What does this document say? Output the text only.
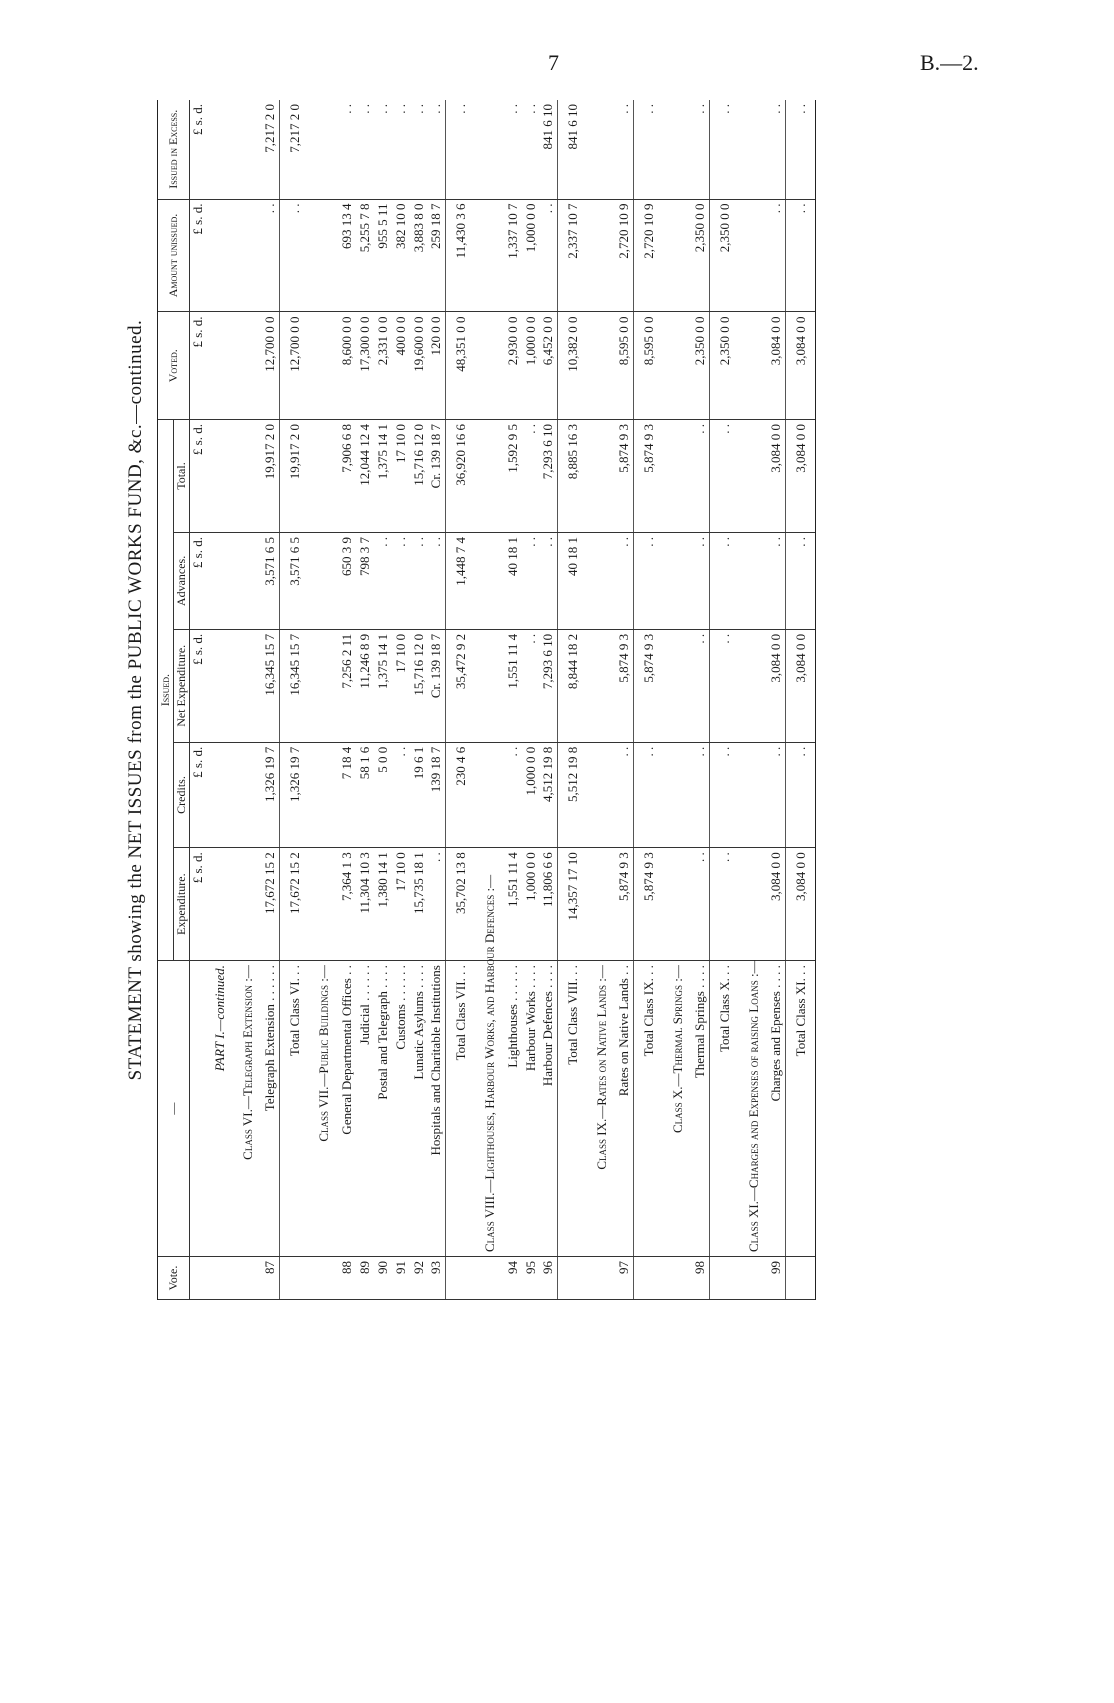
7	B.—2.
STATEMENT showing the NET ISSUES from the PUBLIC WORKS FUND, &c.—continued.
Vote.	—	Issued.					Voted.	Amount unissued.	Issued in Excess.
		Expenditure.	Credits.	Net Expenditure.	Advances.	Total.			
		£ s. d.	£ s. d.	£ s. d.	£ s. d.	£ s. d.	£ s. d.	£ s. d.	£ s. d.
	PART I.—continued.								
	Class VI.—Telegraph Extension :—								
87	Telegraph Extension . . . . . .	17,672 15 2	1,326 19 7	16,345 15 7	3,571 6 5	19,917 2 0	12,700 0 0	. .	7,217 2 0
	Total Class VI. . .	17,672 15 2	1,326 19 7	16,345 15 7	3,571 6 5	19,917 2 0	12,700 0 0	. .	7,217 2 0
	Class VII.—Public Buildings :—								
88	General Departmental Offices . .	7,364 1 3	7 18 4	7,256 2 11	650 3 9	7,906 6 8	8,600 0 0	693 13 4	. .
89	Judicial . . . . . .	11,304 10 3	58 1 6	11,246 8 9	798 3 7	12,044 12 4	17,300 0 0	5,255 7 8	. .
90	Postal and Telegraph . . . .	1,380 14 1	5 0 0	1,375 14 1	. .	1,375 14 1	2,331 0 0	955 5 11	. .
91	Customs . . . . . .	17 10 0	. .	17 10 0	. .	17 10 0	400 0 0	382 10 0	. .
92	Lunatic Asylums . . . .	15,735 18 1	19 6 1	15,716 12 0	. .	15,716 12 0	19,600 0 0	3,883 8 0	. .
93	Hospitals and Charitable Institutions	. .	139 18 7	Cr. 139 18 7	. .	Cr. 139 18 7	120 0 0	259 18 7	. .
	Total Class VII. . .	35,702 13 8	230 4 6	35,472 9 2	1,448 7 4	36,920 16 6	48,351 0 0	11,430 3 6	. .
	Class VIII.—Lighthouses, Harbour Works, and Harbour Defences :—								
94	Lighthouses . . . . . .	1,551 11 4	. .	1,551 11 4	40 18 1	1,592 9 5	2,930 0 0	1,337 10 7	. .
95	Harbour Works . . . .	1,000 0 0	1,000 0 0	. .	. .	. .	1,000 0 0	1,000 0 0	. .
96	Harbour Defences . . . .	11,806 6 6	4,512 19 8	7,293 6 10	. .	7,293 6 10	6,452 0 0	. .	841 6 10
	Total Class VIII. . .	14,357 17 10	5,512 19 8	8,844 18 2	40 18 1	8,885 16 3	10,382 0 0	2,337 10 7	841 6 10
	Class IX.—Rates on Native Lands :—								
97	Rates on Native Lands . .	5,874 9 3	. .	5,874 9 3	. .	5,874 9 3	8,595 0 0	2,720 10 9	. .
	Total Class IX. . .	5,874 9 3	. .	5,874 9 3	. .	5,874 9 3	8,595 0 0	2,720 10 9	. .
	Class X.—Thermal Springs :—								
98	Thermal Springs . . . .	. .	. .	. .	. .	. .	2,350 0 0	2,350 0 0	. .
	Total Class X. . .	. .	. .	. .	. .	. .	2,350 0 0	2,350 0 0	. .
	Class XI.—Charges and Expenses of raising Loans :—								
99	Charges and Epenses . . . .	3,084 0 0	. .	3,084 0 0	. .	3,084 0 0	3,084 0 0	. .	. .
	Total Class XI. . .	3,084 0 0	. .	3,084 0 0	. .	3,084 0 0	3,084 0 0	. .	. .
